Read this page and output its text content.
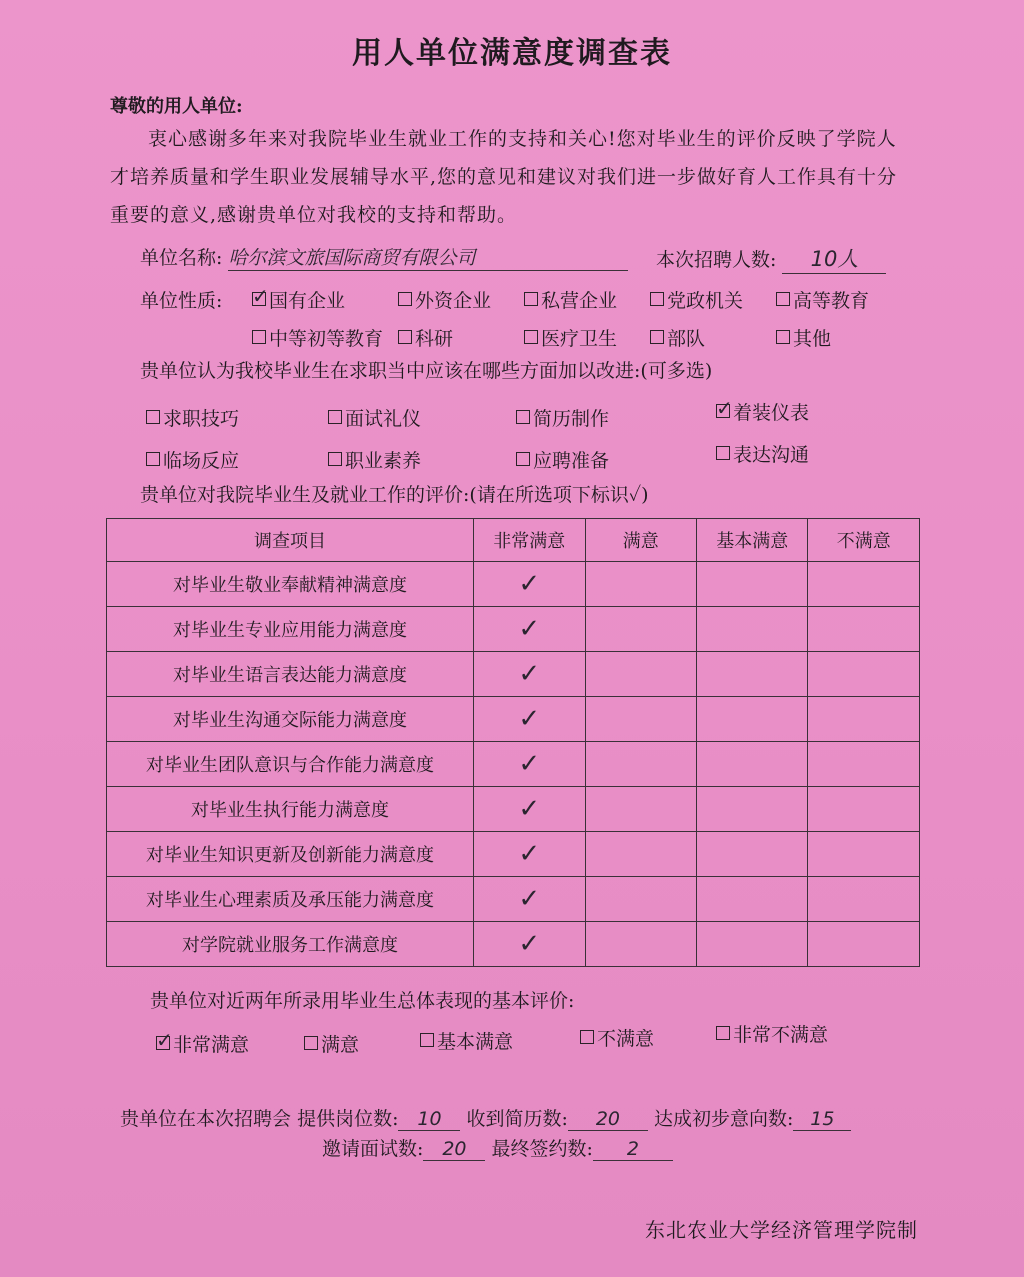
用人单位满意度调查表
尊敬的用人单位:
衷心感谢多年来对我院毕业生就业工作的支持和关心!您对毕业生的评价反映了学院人才培养质量和学生职业发展辅导水平,您的意见和建议对我们进一步做好育人工作具有十分重要的意义,感谢贵单位对我校的支持和帮助。
单位名称: 哈尔滨文旅国际商贸有限公司	本次招聘人数: 10人
单位性质: ✓	国有企业	外资企业	私营企业	党政机关	高等教育
中等初等教育	科研	医疗卫生	部队	其他
贵单位认为我校毕业生在求职当中应该在哪些方面加以改进:(可多选)
求职技巧	面试礼仪	简历制作 ✓	着装仪表
临场反应	职业素养	应聘准备	表达沟通
贵单位对我院毕业生及就业工作的评价:(请在所选项下标识✓)
调查项目	非常满意	满意	基本满意	不满意
对毕业生敬业奉献精神满意度	✓			
对毕业生专业应用能力满意度	✓			
对毕业生语言表达能力满意度	✓			
对毕业生沟通交际能力满意度	✓			
对毕业生团队意识与合作能力满意度	✓			
对毕业生执行能力满意度	✓			
对毕业生知识更新及创新能力满意度	✓			
对毕业生心理素质及承压能力满意度	✓			
对学院就业服务工作满意度	✓			
贵单位对近两年所录用毕业生总体表现的基本评价:
✓非常满意	满意	基本满意	不满意	非常不满意
贵单位在本次招聘会 提供岗位数: 10 收到简历数: 20 达成初步意向数: 15
邀请面试数: 20 最终签约数: 2
东北农业大学经济管理学院制
